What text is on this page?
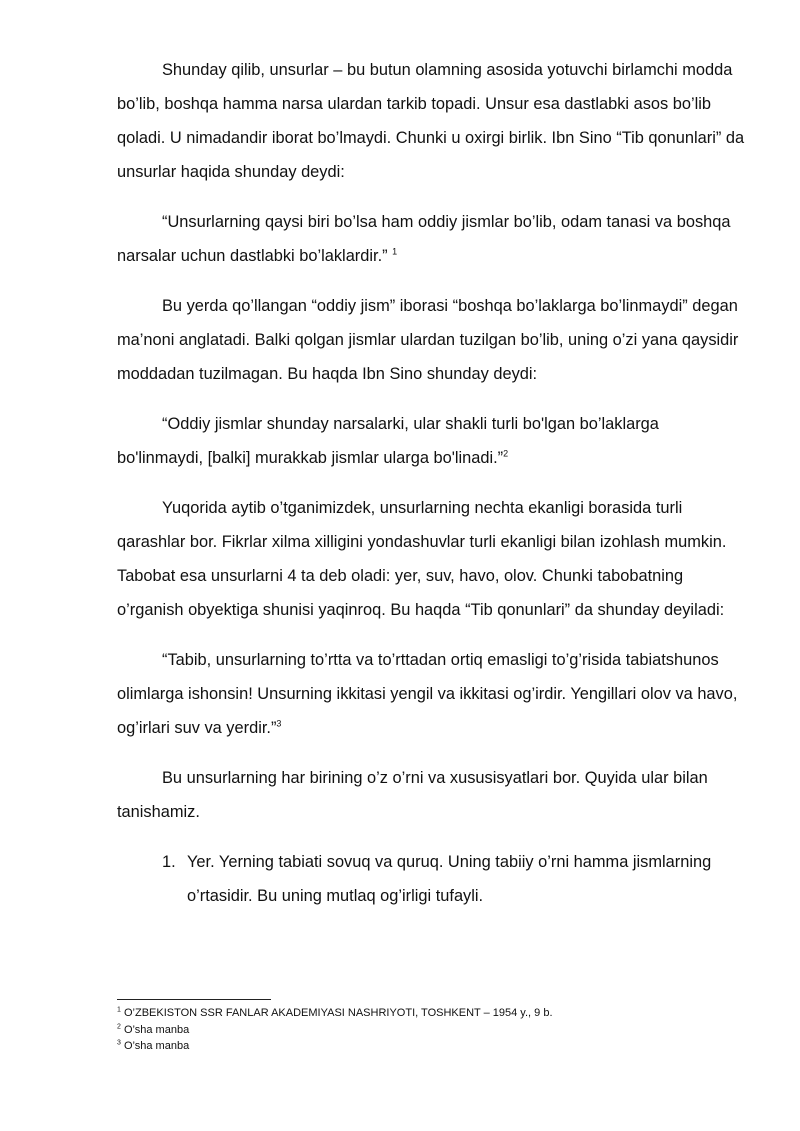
Shunday qilib, unsurlar – bu butun olamning asosida yotuvchi birlamchi modda bo’lib, boshqa hamma narsa ulardan tarkib topadi. Unsur esa dastlabki asos bo’lib qoladi. U nimadandir iborat bo’lmaydi. Chunki u oxirgi birlik. Ibn Sino “Tib qonunlari” da unsurlar haqida shunday deydi:

“Unsurlarning qaysi biri bo’lsa ham oddiy jismlar bo’lib, odam tanasi va boshqa narsalar uchun dastlabki bo’laklardir.” $^1$

Bu yerda qo’llangan “oddiy jism” iborasi “boshqa bo’laklarga bo’linmaydi” degan ma’noni anglatadi. Balki qolgan jismlar ulardan tuzilgan bo’lib, uning o’zi yana qaysidir moddadan tuzilmagan. Bu haqda Ibn Sino shunday deydi:

“Oddiy jismlar shunday narsalarki, ular shakli turli bo'lgan bo’laklarga bo'linmaydi, [balki] murakkab jismlar ularga bo'linadi.”$^2$

Yuqorida aytib o’tganimizdek, unsurlarning nechta ekanligi borasida turli qarashlar bor. Fikrlar xilma xilligini yondashuvlar turli ekanligi bilan izohlash mumkin. Tabobat esa unsurlarni 4 ta deb oladi: yer, suv, havo, olov. Chunki tabobatning o’rganish obyektiga shunisi yaqinroq. Bu haqda “Tib qonunlari” da shunday deyiladi:

“Tabib, unsurlarning to’rtta va to’rttadan ortiq emasligi to’g’risida tabiatshunos olimlarga ishonsin! Unsurning ikkitasi yengil va ikkitasi og’irdir. Yengillari olov va havo, og’irlari suv va yerdir.”$^3$

Bu unsurlarning har birining o’z o’rni va xususisyatlari bor. Quyida ular bilan tanishamiz.

1. Yer. Yerning tabiati sovuq va quruq. Uning tabiiy o’rni hamma jismlarning o’rtasidir. Bu uning mutlaq og’irligi tufayli.
$^1$ O’ZBEKISTON SSR FANLAR AKADEMIYASI NASHRIYOTI, TOSHKENT – 1954 y., 9 b.
$^2$ O’sha manba
$^3$ O’sha manba
